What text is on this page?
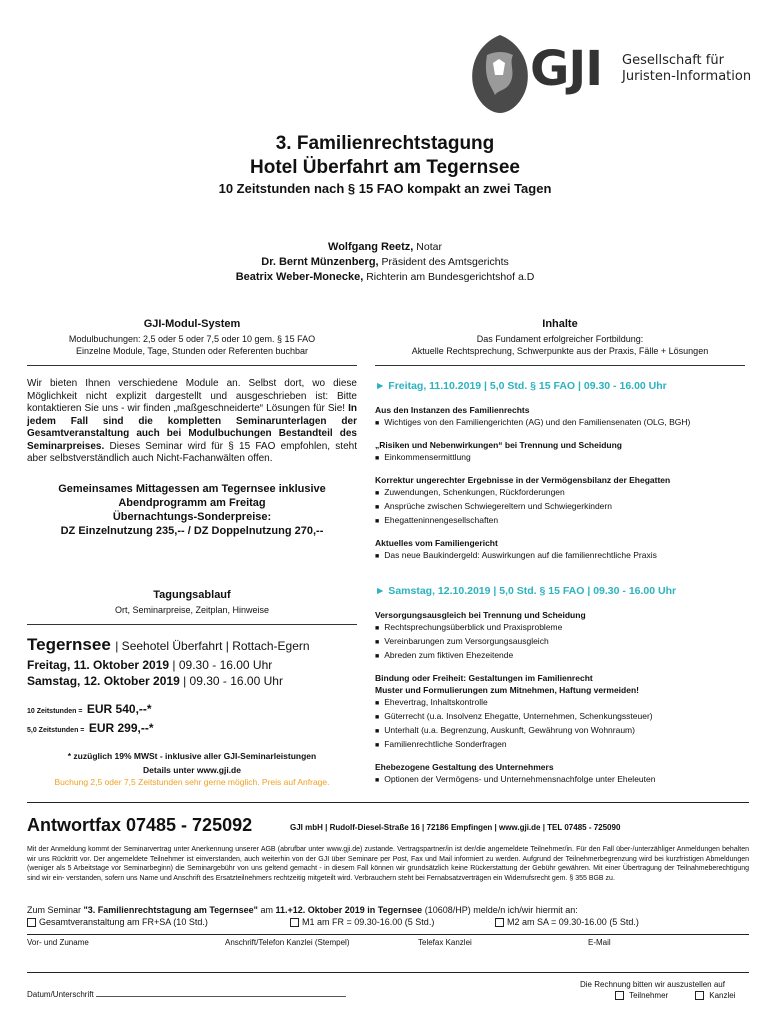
GJI Gesellschaft für
Juristen-Information
3. Familienrechtstagung
Hotel Überfahrt am Tegernsee
10 Zeitstunden nach § 15 FAO kompakt an zwei Tagen
Wolfgang Reetz, Notar
Dr. Bernt Münzenberg, Präsident des Amtsgerichts
Beatrix Weber-Monecke, Richterin am Bundesgerichtshof a.D
GJI-Modul-System
Modulbuchungen: 2,5 oder 5 oder 7,5 oder 10 gem. § 15 FAO
Einzelne Module, Tage, Stunden oder Referenten buchbar
Wir bieten Ihnen verschiedene Module an. Selbst dort, wo diese Möglichkeit nicht explizit dargestellt und ausgeschrieben ist: Bitte kontaktieren Sie uns - wir finden „maßgeschneiderte“ Lösungen für Sie! In jedem Fall sind die kompletten Seminarunterlagen der Gesamtveranstaltung auch bei Modulbuchungen Bestandteil des Seminarpreises. Dieses Seminar wird für § 15 FAO empfohlen, steht aber selbstverständlich auch Nicht-Fachanwälten offen.
Gemeinsames Mittagessen am Tegernsee inklusive
Abendprogramm am Freitag
Übernachtungs-Sonderpreise:
DZ Einzelnutzung 235,-- / DZ Doppelnutzung 270,--
Tagungsablauf
Ort, Seminarpreise, Zeitplan, Hinweise
Tegernsee | Seehotel Überfahrt | Rottach-Egern
Freitag, 11. Oktober 2019 | 09.30 - 16.00 Uhr
Samstag, 12. Oktober 2019 | 09.30 - 16.00 Uhr
10 Zeitstunden = EUR 540,--*
5,0 Zeitstunden = EUR 299,--*
* zuzüglich 19% MWSt - inklusive aller GJI-Seminarleistungen
Details unter www.gji.de
Buchung 2,5 oder 7,5 Zeitstunden sehr gerne möglich. Preis auf Anfrage.
Inhalte
Das Fundament erfolgreicher Fortbildung:
Aktuelle Rechtsprechung, Schwerpunkte aus der Praxis, Fälle + Lösungen
► Freitag, 11.10.2019 | 5,0 Std. § 15 FAO | 09.30 - 16.00 Uhr
Aus den Instanzen des Familienrechts
■ Wichtiges von den Familiengerichten (AG) und den Familiensenaten (OLG, BGH)
„Risiken und Nebenwirkungen“ bei Trennung und Scheidung
■ Einkommensermittlung
Korrektur ungerechter Ergebnisse in der Vermögensbilanz der Ehegatten
■ Zuwendungen, Schenkungen, Rückforderungen
■ Ansprüche zwischen Schwiegereltern und Schwiegerkindern
■ Ehegatteninnengesellschaften
Aktuelles vom Familiengericht
■ Das neue Baukindergeld: Auswirkungen auf die familienrechtliche Praxis
► Samstag, 12.10.2019 | 5,0 Std. § 15 FAO | 09.30 - 16.00 Uhr
Versorgungsausgleich bei Trennung und Scheidung
■ Rechtsprechungsüberblick und Praxisprobleme
■ Vereinbarungen zum Versorgungsausgleich
■ Abreden zum fiktiven Ehezeitende
Bindung oder Freiheit: Gestaltungen im Familienrecht
Muster und Formulierungen zum Mitnehmen, Haftung vermeiden!
■ Ehevertrag, Inhaltskontrolle
■ Güterrecht (u.a. Insolvenz Ehegatte, Unternehmen, Schenkungssteuer)
■ Unterhalt (u.a. Begrenzung, Auskunft, Gewährung von Wohnraum)
■ Familienrechtliche Sonderfragen
Ehebezogene Gestaltung des Unternehmers
■ Optionen der Vermögens- und Unternehmensnachfolge unter Eheleuten
Antwortfax 07485 - 725092	GJI mbH | Rudolf-Diesel-Straße 16 | 72186 Empfingen | www.gji.de | TEL 07485 - 725090
Mit der Anmeldung kommt der Seminarvertrag unter Anerkennung unserer AGB (abrufbar unter www.gji.de) zustande. Vertragspartner/in ist der/die angemeldete Teilnehmer/in. Für den Fall über-/unterzähliger Anmeldungen behalten wir uns Rücktritt vor. Der angemeldete Teilnehmer ist einverstanden, auch weiterhin von der GJI über Seminare per Post, Fax und Mail informiert zu werden. Aufgrund der Teilnehmerbegrenzung wird bei kurzfristigen Abmeldungen (weniger als 5 Arbeitstage vor Seminarbeginn) die Seminargebühr von uns geltend gemacht - in diesem Fall können wir grundsätzlich keine Rückerstattung der Gebühr gewähren. Mit einer Übertragung der Teilnahmeberechtigung sind wir ein- verstanden, sofern uns Name und Anschrift des Ersatzteilnehmers rechtzeitig mitgeteilt wird. Verbrauchern steht bei Fernabsatzverträgen ein Widerrufsrecht gem. § 355 BGB zu.
Zum Seminar "3. Familienrechtstagung am Tegernsee" am 11.+12. Oktober 2019 in Tegernsee (10608/HP) melde/n ich/wir hiermit an:
Gesamtveranstaltung am FR+SA (10 Std.)	M1 am FR = 09.30-16.00 (5 Std.)	M2 am SA = 09.30-16.00 (5 Std.)
Vor- und Zuname	Anschrift/Telefon Kanzlei (Stempel)	Telefax Kanzlei	E-Mail
Datum/Unterschrift
Die Rechnung bitten wir auszustellen auf
Teilnehmer	Kanzlei
